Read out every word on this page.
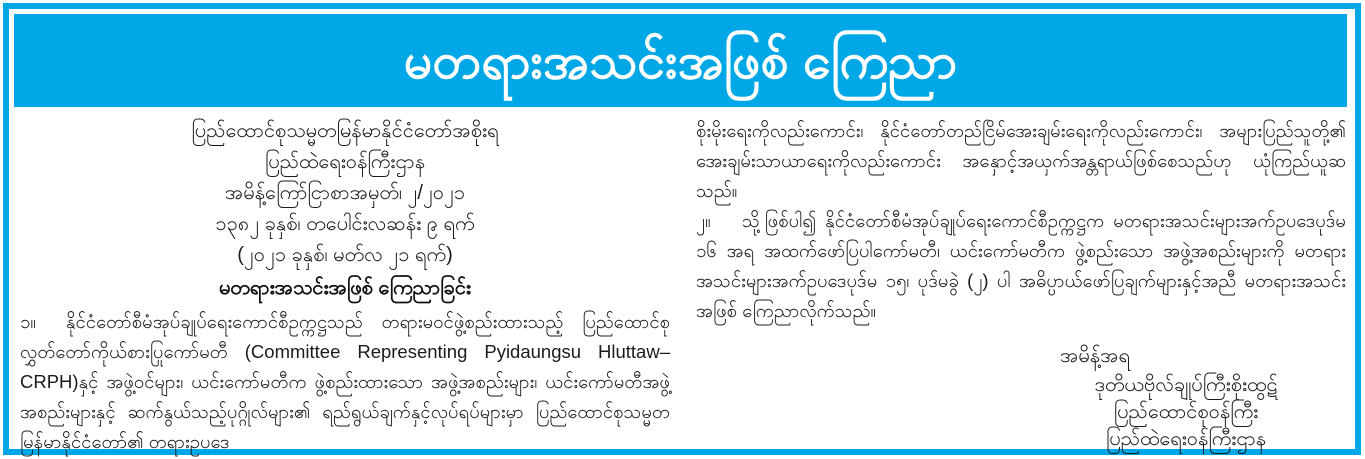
မတရားအသင်းအဖြစ် ကြေညာ
ပြည်ထောင်စုသမ္မတမြန်မာနိုင်ငံတော်အစိုးရ
ပြည်ထဲရေးဝန်ကြီးဌာန
အမိန့်ကြော်ငြာစာအမှတ်၊ ၂/၂၀၂၁
၁၃၈၂ ခုနှစ်၊ တပေါင်းလဆန်း ၉ ရက်
(၂၀၂၁ ခုနှစ်၊ မတ်လ ၂၁ ရက်)
မတရားအသင်းအဖြစ် ကြေညာခြင်း

၁။ နိုင်ငံတော်စီမံအုပ်ချုပ်ရေးကောင်စီဥက္ကဋ္ဌသည် တရားမဝင်ဖွဲ့စည်းထားသည့် ပြည်ထောင်စုလွှတ်တော်ကိုယ်စားပြုကော်မတီ (Committee Representing Pyidaungsu Hluttaw–CRPH)နှင့် အဖွဲ့ဝင်များ၊ ယင်းကော်မတီက ဖွဲ့စည်းထားသော အဖွဲ့အစည်းများ၊ ယင်းကော်မတီအဖွဲ့အစည်းများနှင့် ဆက်နွယ်သည့်ပုဂ္ဂိုလ်များ၏ ရည်ရွယ်ချက်နှင့်လုပ်ရပ်များမှာ ပြည်ထောင်စုသမ္မတမြန်မာနိုင်ငံတော်၏ တရားဥပဒေ

စိုးမိုးရေးကိုလည်းကောင်း၊ နိုင်ငံတော်တည်ငြိမ်အေးချမ်းရေးကိုလည်းကောင်း၊ အများပြည်သူတို့၏ အေးချမ်းသာယာရေးကိုလည်းကောင်း အနှောင့်အယှက်အန္တရာယ်ဖြစ်စေသည်ဟု ယုံကြည်ယူဆသည်။

၂။ သို့ဖြစ်ပါ၍ နိုင်ငံတော်စီမံအုပ်ချုပ်ရေးကောင်စီဥက္ကဋ္ဌက မတရားအသင်းများအက်ဥပဒေပုဒ်မ ၁၆ အရ အထက်ဖော်ပြပါကော်မတီ၊ ယင်းကော်မတီက ဖွဲ့စည်းသော အဖွဲ့အစည်းများကို မတရားအသင်းများအက်ဥပဒေပုဒ်မ ၁၅၊ ပုဒ်မခွဲ (၂) ပါ အဓိပ္ပာယ်ဖော်ပြချက်များနှင့်အညီ မတရားအသင်းအဖြစ် ကြေညာလိုက်သည်။

အမိန့်အရ
ဒုတိယဗိုလ်ချုပ်ကြီးစိုးထွဋ်
ပြည်ထောင်စုဝန်ကြီး
ပြည်ထဲရေးဝန်ကြီးဌာန
